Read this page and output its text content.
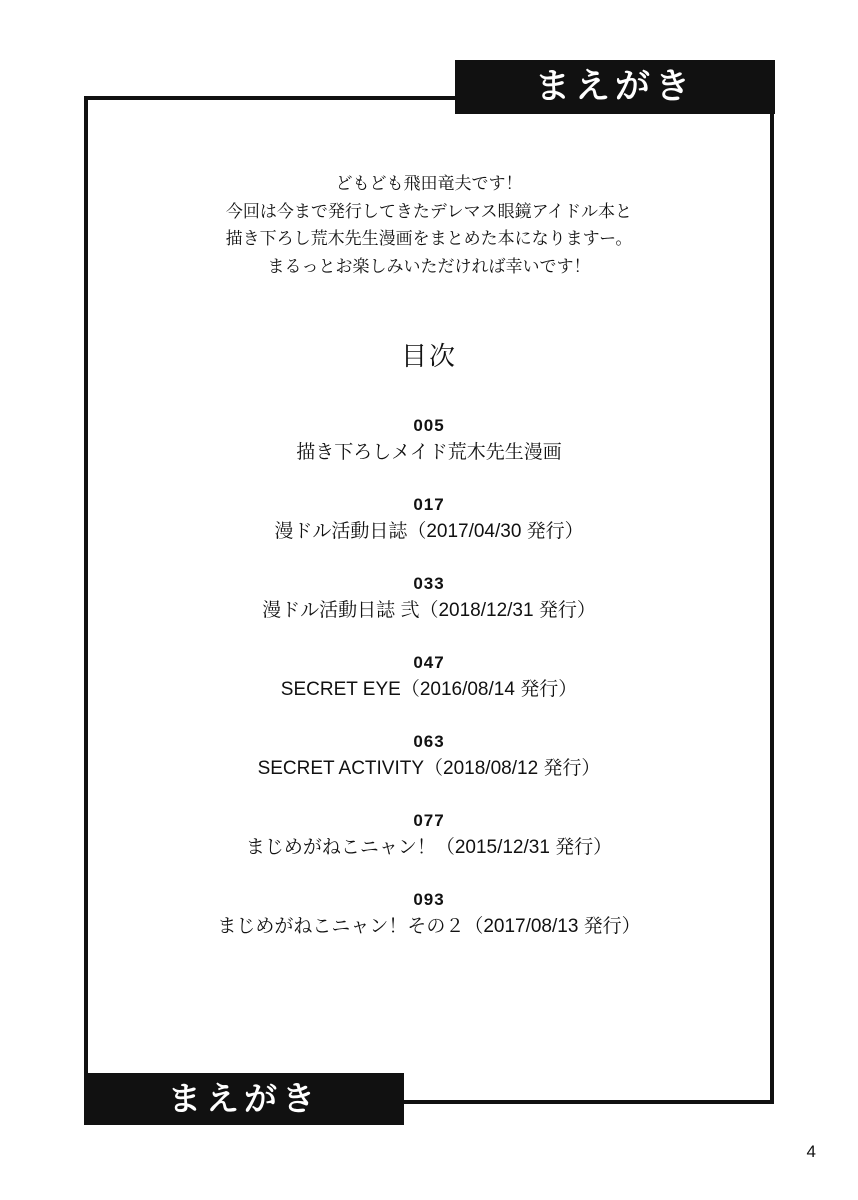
どもども飛田竜夫です！
今回は今まで発行してきたデレマス眼鏡アイドル本と
描き下ろし荒木先生漫画をまとめた本になりますー。
まるっとお楽しみいただければ幸いです！
目次
005
描き下ろしメイド荒木先生漫画
017
漫ドル活動日誌（2017/04/30 発行）
033
漫ドル活動日誌 弐（2018/12/31 発行）
047
SECRET EYE（2016/08/14 発行）
063
SECRET ACTIVITY（2018/08/12 発行）
077
まじめがねこニャン！（2015/12/31 発行）
093
まじめがねこニャン！その２（2017/08/13 発行）
まえがき
まえがき
4
